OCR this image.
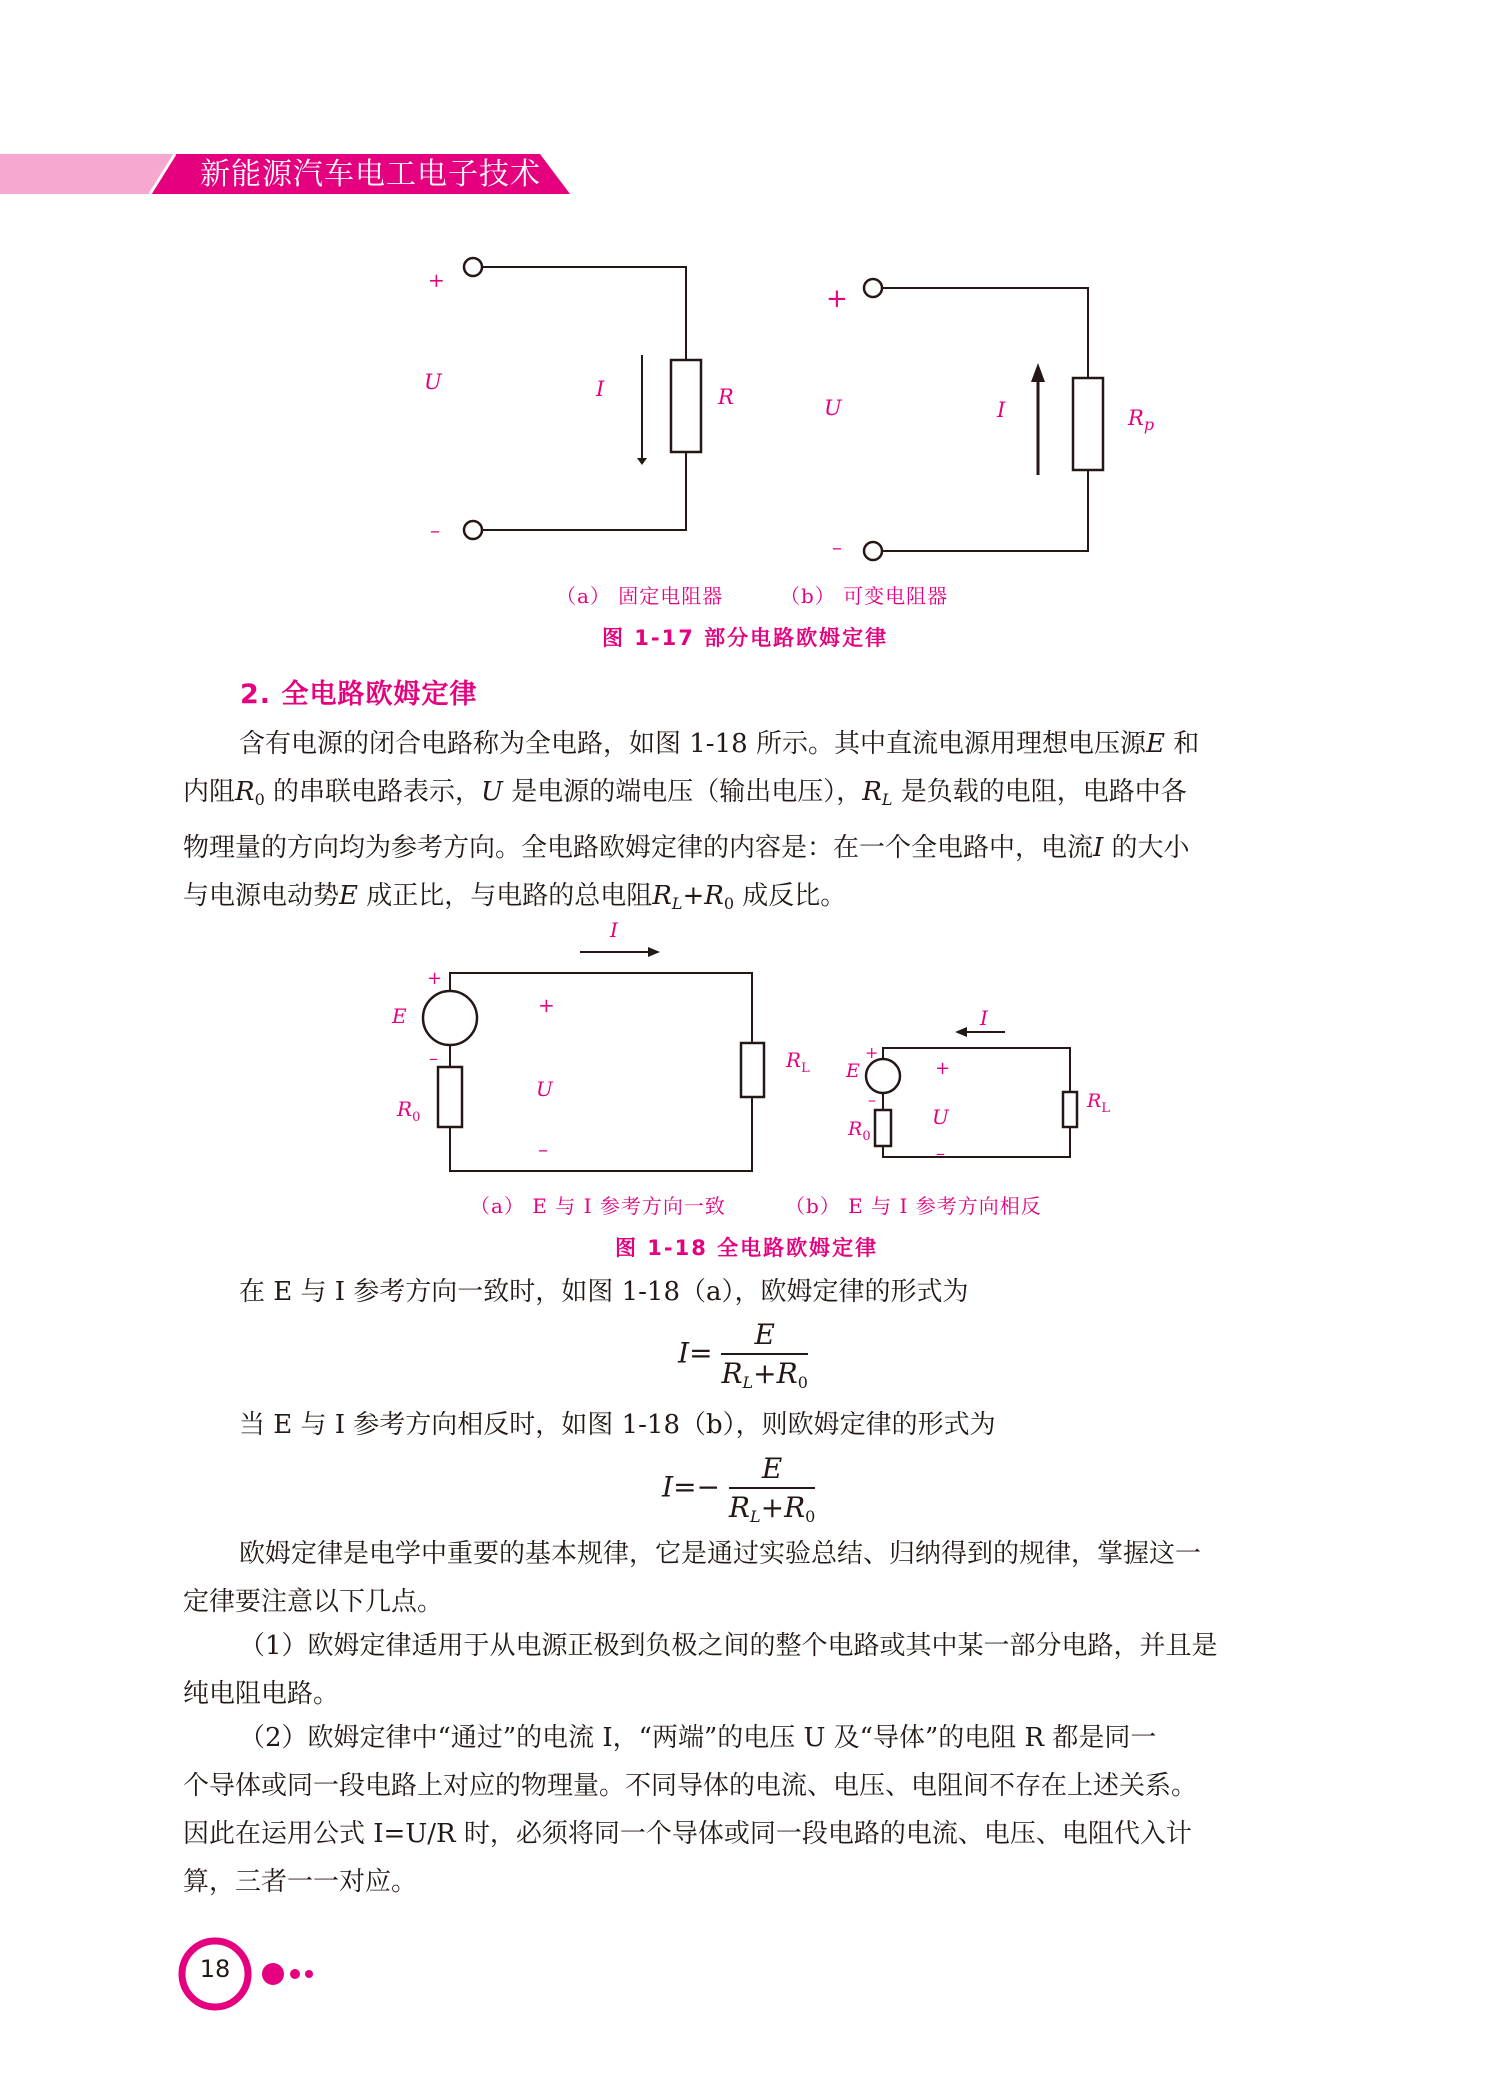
新能源汽车电工电子技术
+
–
U	I	R
+
–
U	I	$R_p$
（a） 固定电阻器	（b） 可变电阻器
图 1-17 部分电路欧姆定律
2. 全电路欧姆定律
含有电源的闭合电路称为全电路，如图 1-18 所示。其中直流电源用理想电压源E 和
内阻$R_0$ 的串联电路表示，U 是电源的端电压（输出电压），RL 是负载的电阻，电路中各
物理量的方向均为参考方向。全电路欧姆定律的内容是：在一个全电路中，电流I 的大小
与电源电动势E 成正比，与电路的总电阻$RL+R_0$ 成反比。
I
+
–
E
$R_0$
+
U
–
$R_L$
I
+
–
E
$R_0$
+
U
–
$R_L$
（a） E 与 I 参考方向一致	（b） E 与 I 参考方向相反
图 1-18 全电路欧姆定律
在 E 与 I 参考方向一致时，如图 1-18（a），欧姆定律的形式为
$I= \frac{E}{RL+R_0}$
当 E 与 I 参考方向相反时，如图 1-18（b），则欧姆定律的形式为
$I=- \frac{E}{RL+R_0}$
欧姆定律是电学中重要的基本规律，它是通过实验总结、归纳得到的规律，掌握这一
定律要注意以下几点。
（1）欧姆定律适用于从电源正极到负极之间的整个电路或其中某一部分电路，并且是
纯电阻电路。
（2）欧姆定律中“通过”的电流 I，“两端”的电压 U 及“导体”的电阻 R 都是同一
个导体或同一段电路上对应的物理量。不同导体的电流、电压、电阻间不存在上述关系。
因此在运用公式 I=U/R 时，必须将同一个导体或同一段电路的电流、电压、电阻代入计
算，三者一一对应。
18
